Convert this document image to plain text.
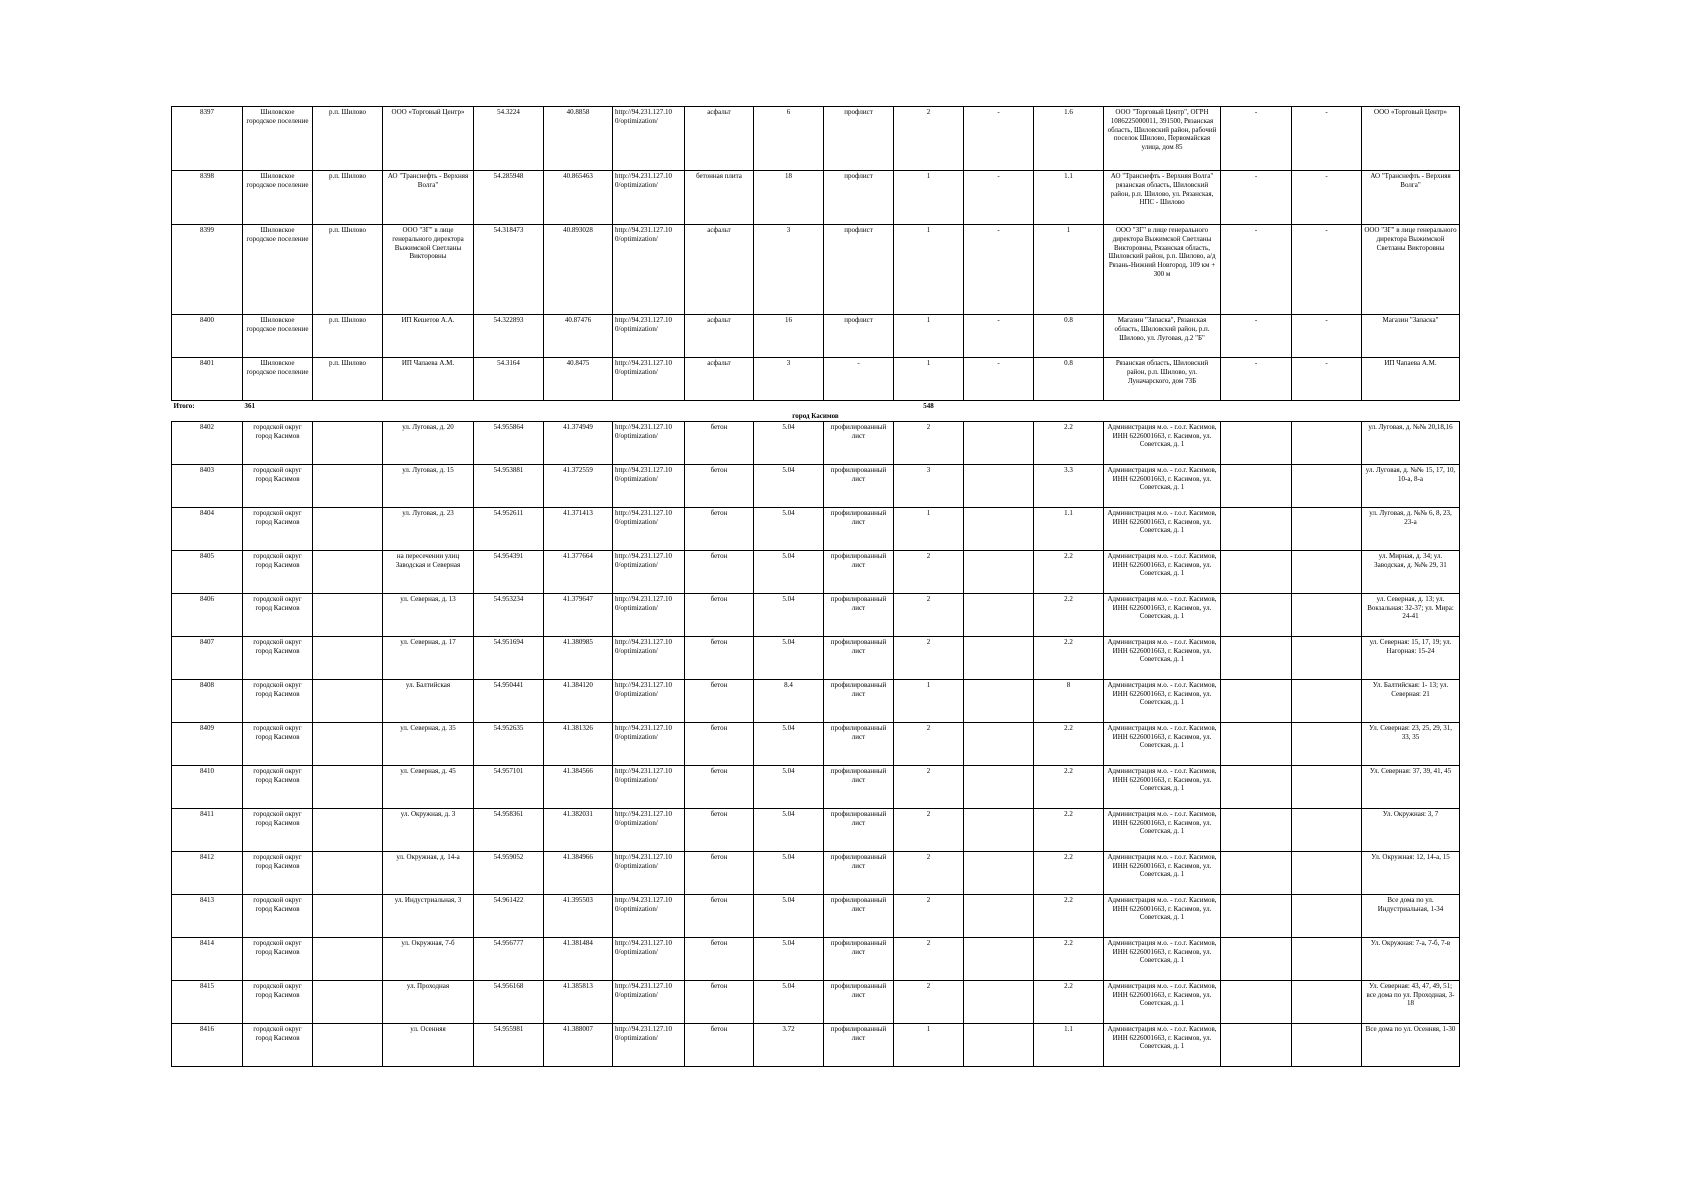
8397	Шиловское городское поселение	р.п. Шилово	ООО «Торговый Центр»	54.3224	40.8858	http://94.231.127.10 0/optimization/	асфальт	6	профлист	2	-	1.6	ООО "Торговый Центр", ОГРН 1086225000011, 391500, Рязанская область, Шиловский район, рабочий поселок Шилово, Первомайская улица, дом 85	-	-	ООО «Торговый Центр»
8398	Шиловское городское поселение	р.п. Шилово	АО "Транснефть - Верхняя Волга"	54.285948	40.865463	http://94.231.127.10 0/optimization/	бетонная плита	18	профлист	1	-	1.1	АО "Транснефть - Верхняя Волга" рязанская область, Шиловский район, р.п. Шилово, ул. Рязанская, НПС - Шилово	-	-	АО "Транснефть - Верхняя Волга"
8399	Шиловское городское поселение	р.п. Шилово	ООО "ЗГ" в лице генерального директора Выжимской Светланы Викторовны	54.318473	40.893028	http://94.231.127.10 0/optimization/	асфальт	3	профлист	1	-	1	ООО "ЗГ" в лице генерального директора Выжимской Светланы Викторовны, Рязанская область, Шиловский район, р.п. Шилово, а/д Рязань-Нижний Новгород, 109 км + 300 м	-	-	ООО "ЗГ" в лице генерального директора Выжимской Светланы Викторовны
8400	Шиловское городское поселение	р.п. Шилово	ИП Кешетов А.А.	54.322893	40.87476	http://94.231.127.10 0/optimization/	асфальт	16	профлист	1	-	0.8	Магазин "Запаска", Рязанская область, Шиловский район, р.п. Шилово, ул. Луговая, д.2 "Б"	-	-	Магазин "Запаска"
8401	Шиловское городское поселение	р.п. Шилово	ИП Чапаева А.М.	54.3164	40.8475	http://94.231.127.10 0/optimization/	асфальт	3	-	1	-	0.8	Рязанская область, Шиловский район, р.п. Шилово, ул. Луначарского, дом 73Б	-	-	ИП Чапаева А.М.
Итого:	361									548						
город Касимов																
8402	городской округ город Касимов		ул. Луговая, д. 20	54.955864	41.374949	http://94.231.127.10 0/optimization/	бетон	5.04	профилированный лист	2		2.2	Администрация м.о. - г.о.г. Касимов, ИНН 6226001663, г. Касимов, ул. Советская, д. 1			ул. Луговая, д. №№ 20,18,16
8403	городской округ город Касимов		ул. Луговая, д. 15	54.953881	41.372559	http://94.231.127.10 0/optimization/	бетон	5.04	профилированный лист	3		3.3	Администрация м.о. - г.о.г. Касимов, ИНН 6226001663, г. Касимов, ул. Советская, д. 1			ул. Луговая, д. №№ 15, 17, 10, 10-а, 8-а
8404	городской округ город Касимов		ул. Луговая, д. 23	54.952611	41.371413	http://94.231.127.10 0/optimization/	бетон	5.04	профилированный лист	1		1.1	Администрация м.о. - г.о.г. Касимов, ИНН 6226001663, г. Касимов, ул. Советская, д. 1			ул. Луговая, д. №№ 6, 8, 23, 23-а
8405	городской округ город Касимов		на пересечении улиц Заводская и Северная	54.954391	41.377664	http://94.231.127.10 0/optimization/	бетон	5.04	профилированный лист	2		2.2	Администрация м.о. - г.о.г. Касимов, ИНН 6226001663, г. Касимов, ул. Советская, д. 1			ул. Мирная, д. 34; ул. Заводская, д. №№ 29, 31
8406	городской округ город Касимов		ул. Северная, д. 13	54.953234	41.379647	http://94.231.127.10 0/optimization/	бетон	5.04	профилированный лист	2		2.2	Администрация м.о. - г.о.г. Касимов, ИНН 6226001663, г. Касимов, ул. Советская, д. 1			ул. Северная, д. 13; ул. Вокзальная: 32-37; ул. Мира: 24-41
8407	городской округ город Касимов		ул. Северная, д. 17	54.951694	41.380985	http://94.231.127.10 0/optimization/	бетон	5.04	профилированный лист	2		2.2	Администрация м.о. - г.о.г. Касимов, ИНН 6226001663, г. Касимов, ул. Советская, д. 1			ул. Северная: 15, 17, 19; ул. Нагорная: 15-24
8408	городской округ город Касимов		ул. Балтийская	54.950441	41.384120	http://94.231.127.10 0/optimization/	бетон	8.4	профилированный лист	1		8	Администрация м.о. - г.о.г. Касимов, ИНН 6226001663, г. Касимов, ул. Советская, д. 1			Ул. Балтийская: 1- 13; ул. Северная: 21
8409	городской округ город Касимов		ул. Северная, д. 35	54.952635	41.381326	http://94.231.127.10 0/optimization/	бетон	5.04	профилированный лист	2		2.2	Администрация м.о. - г.о.г. Касимов, ИНН 6226001663, г. Касимов, ул. Советская, д. 1			Ул. Северная: 23, 25, 29, 31, 33, 35
8410	городской округ город Касимов		ул. Северная, д. 45	54.957101	41.384566	http://94.231.127.10 0/optimization/	бетон	5.04	профилированный лист	2		2.2	Администрация м.о. - г.о.г. Касимов, ИНН 6226001663, г. Касимов, ул. Советская, д. 1			Ул. Северная: 37, 39, 41, 45
8411	городской округ город Касимов		ул. Окружная, д. 3	54.958361	41.382031	http://94.231.127.10 0/optimization/	бетон	5.04	профилированный лист	2		2.2	Администрация м.о. - г.о.г. Касимов, ИНН 6226001663, г. Касимов, ул. Советская, д. 1			Ул. Окружная: 3, 7
8412	городской округ город Касимов		ул. Окружная, д. 14-а	54.959052	41.384966	http://94.231.127.10 0/optimization/	бетон	5.04	профилированный лист	2		2.2	Администрация м.о. - г.о.г. Касимов, ИНН 6226001663, г. Касимов, ул. Советская, д. 1			Ул. Окружная: 12, 14-а, 15
8413	городской округ город Касимов		ул. Индустриальная, 3	54.961422	41.395503	http://94.231.127.10 0/optimization/	бетон	5.04	профилированный лист	2		2.2	Администрация м.о. - г.о.г. Касимов, ИНН 6226001663, г. Касимов, ул. Советская, д. 1			Все дома по ул. Индустриальная, 1-34
8414	городской округ город Касимов		ул. Окружная, 7-б	54.956777	41.381484	http://94.231.127.10 0/optimization/	бетон	5.04	профилированный лист	2		2.2	Администрация м.о. - г.о.г. Касимов, ИНН 6226001663, г. Касимов, ул. Советская, д. 1			Ул. Окружная: 7-а, 7-б, 7-в
8415	городской округ город Касимов		ул. Проходная	54.956168	41.385813	http://94.231.127.10 0/optimization/	бетон	5.04	профилированный лист	2		2.2	Администрация м.о. - г.о.г. Касимов, ИНН 6226001663, г. Касимов, ул. Советская, д. 1			Ул. Северная: 43, 47, 49, 51; все дома по ул. Проходная, 3-18
8416	городской округ город Касимов		ул. Осенняя	54.955981	41.388007	http://94.231.127.10 0/optimization/	бетон	3.72	профилированный лист	1		1.1	Администрация м.о. - г.о.г. Касимов, ИНН 6226001663, г. Касимов, ул. Советская, д. 1			Все дома по ул. Осенняя, 1-30
